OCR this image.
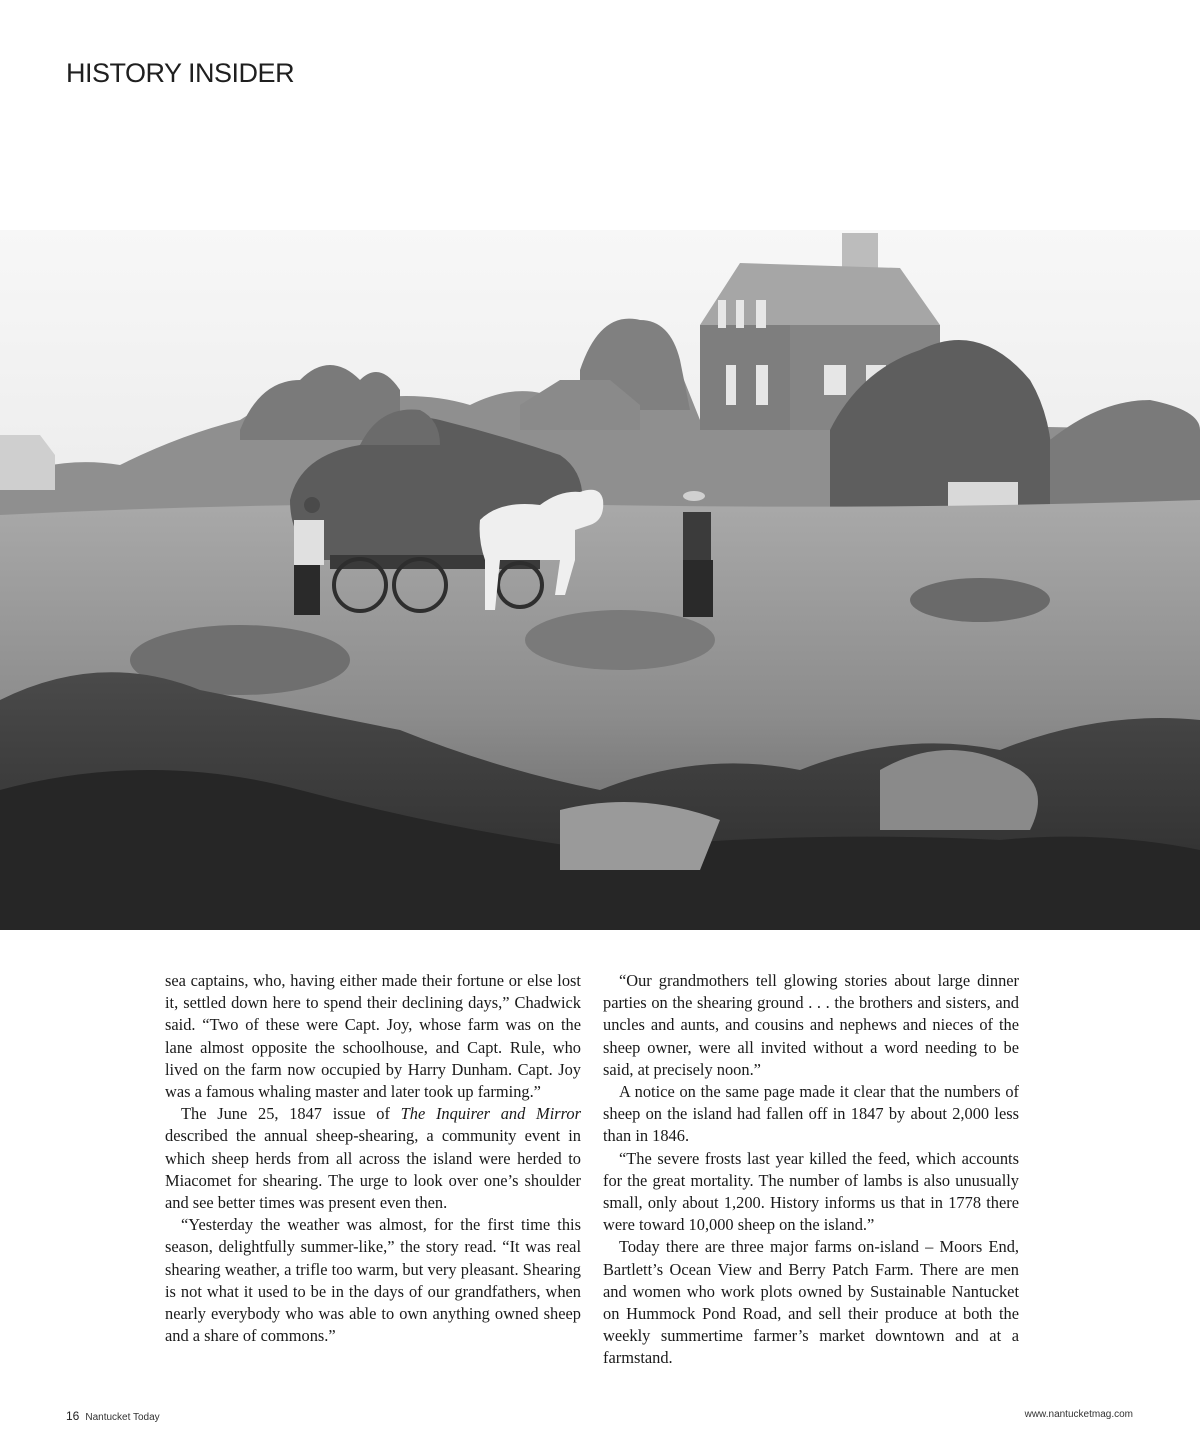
HISTORY INSIDER

sea captains, who, having either made their fortune or else lost it, settled down here to spend their declining days,” Chadwick said. “Two of these were Capt. Joy, whose farm was on the lane almost opposite the schoolhouse, and Capt. Rule, who lived on the farm now occupied by Harry Dunham. Capt. Joy was a famous whaling master and later took up farming.”

The June 25, 1847 issue of The Inquirer and Mirror described the annual sheep-shearing, a community event in which sheep herds from all across the island were herded to Miacomet for shearing. The urge to look over one’s shoulder and see better times was present even then.

“Yesterday the weather was almost, for the first time this season, delightfully summer-like,” the story read. “It was real shearing weather, a trifle too warm, but very pleasant. Shearing is not what it used to be in the days of our grandfathers, when nearly everybody who was able to own anything owned sheep and a share of commons.”

“Our grandmothers tell glowing stories about large dinner parties on the shearing ground . . . the brothers and sisters, and uncles and aunts, and cousins and nephews and nieces of the sheep owner, were all invited without a word needing to be said, at precisely noon.”

A notice on the same page made it clear that the numbers of sheep on the island had fallen off in 1847 by about 2,000 less than in 1846.

“The severe frosts last year killed the feed, which accounts for the great mortality. The number of lambs is also unusually small, only about 1,200. History informs us that in 1778 there were toward 10,000 sheep on the island.”

Today there are three major farms on-island – Moors End, Bartlett’s Ocean View and Berry Patch Farm. There are men and women who work plots owned by Sustainable Nantucket on Hummock Pond Road, and sell their produce at both the weekly summertime farmer’s market downtown and at a farmstand.

16 Nantucket Today	www.nantucketmag.com
